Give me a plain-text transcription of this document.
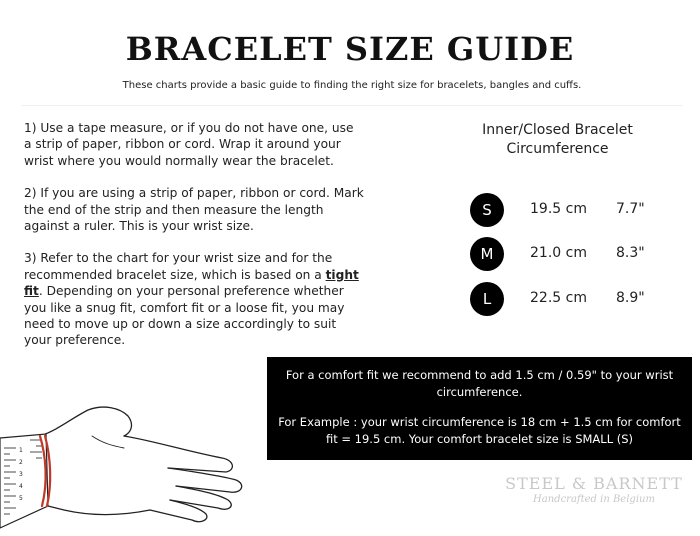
BRACELET SIZE GUIDE
These charts provide a basic guide to finding the right size for bracelets, bangles and cuffs.

1) Use a tape measure, or if you do not have one, use a strip of paper, ribbon or cord. Wrap it around your wrist where you would normally wear the bracelet.

2) If you are using a strip of paper, ribbon or cord. Mark the end of the strip and then measure the length against a ruler. This is your wrist size.

3) Refer to the chart for your wrist size and for the recommended bracelet size, which is based on a tight fit. Depending on your personal preference whether you like a snug fit, comfort fit or a loose fit, you may need to move up or down a size accordingly to suit your preference.

Inner/Closed Bracelet
Circumference
S	19.5 cm 7.7"
M	21.0 cm 8.3"
L	22.5 cm 8.9"
For a comfort fit we recommend to add 1.5 cm / 0.59" to your wrist circumference.
For Example : your wrist circumference is 18 cm + 1.5 cm for comfort fit = 19.5 cm. Your comfort bracelet size is SMALL (S)
STEEL & BARNETT
Handcrafted in Belgium
1
2
3
4
5
